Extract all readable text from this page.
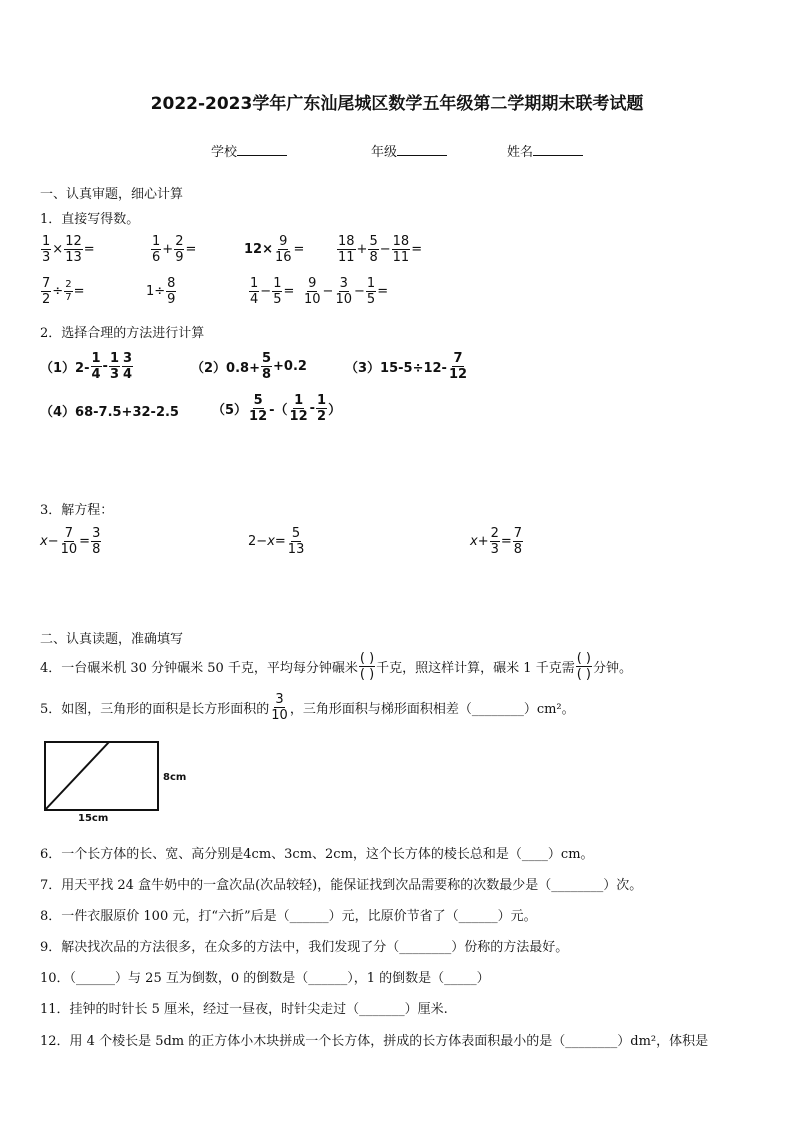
2022-2023学年广东汕尾城区数学五年级第二学期期末联考试题
学校	年级	姓名
一、认真审题，细心计算
1．直接写得数。
$\frac{1}{3} \times \frac{12}{13}$ =	$\frac{1}{6} + \frac{2}{9}$ =	$12\times \frac{9}{16}$ =	$\frac{18}{11} + \frac{5}{8} - \frac{18}{11}$ =
$\frac{7}{2} \div \frac{2}{7}$ =	$1\div \frac{8}{9}$	$\frac{1}{4} - \frac{1}{5} = \frac{9}{10} - \frac{3}{10} - \frac{1}{5}$ =
2．选择合理的方法进行计算
$(1)2- \frac{1}{4} - \frac{1}{3} \frac{3}{4}$	$(2)0.8+ \frac{5}{8} +0.2$	$(3)15-5\div 12- \frac{7}{12}$
（4）68-7.5+32-2.5	$(5) \frac{5}{12}$ -（ $\frac{1}{12} - \frac{1}{2}$ ）
3．解方程：
$x- \frac{7}{10} = \frac{3}{8}$	$2-x= \frac{5}{13}$	$x+ \frac{2}{3} = \frac{7}{8}$
二、认真读题，准确填写
4．一台碾米机 30 分钟碾米 50 千克，平均每分钟碾米 $\frac{( )}{( )}$ 千克，照这样计算，碾米 1 千克需 $\frac{( )}{( )}$ 分钟。
5．如图，三角形的面积是长方形面积的 $\frac{3}{10}$ ，三角形面积与梯形面积相差（________）cm²。
8cm
15cm
6．一个长方体的长、宽、高分别是4cm、3cm、2cm，这个长方体的棱长总和是（____）cm。
7．用天平找 24 盒牛奶中的一盒次品(次品较轻)，能保证找到次品需要称的次数最少是（________）次。
8．一件衣服原价 100 元，打“六折”后是（______）元，比原价节省了（______）元。
9．解决找次品的方法很多，在众多的方法中，我们发现了分（________）份称的方法最好。
10．（______）与 25 互为倒数，0 的倒数是（______），1 的倒数是（_____）
11．挂钟的时针长 5 厘米，经过一昼夜，时针尖走过（_______）厘米.
12．用 4 个棱长是 5dm 的正方体小木块拼成一个长方体，拼成的长方体表面积最小的是（________）dm²，体积是
